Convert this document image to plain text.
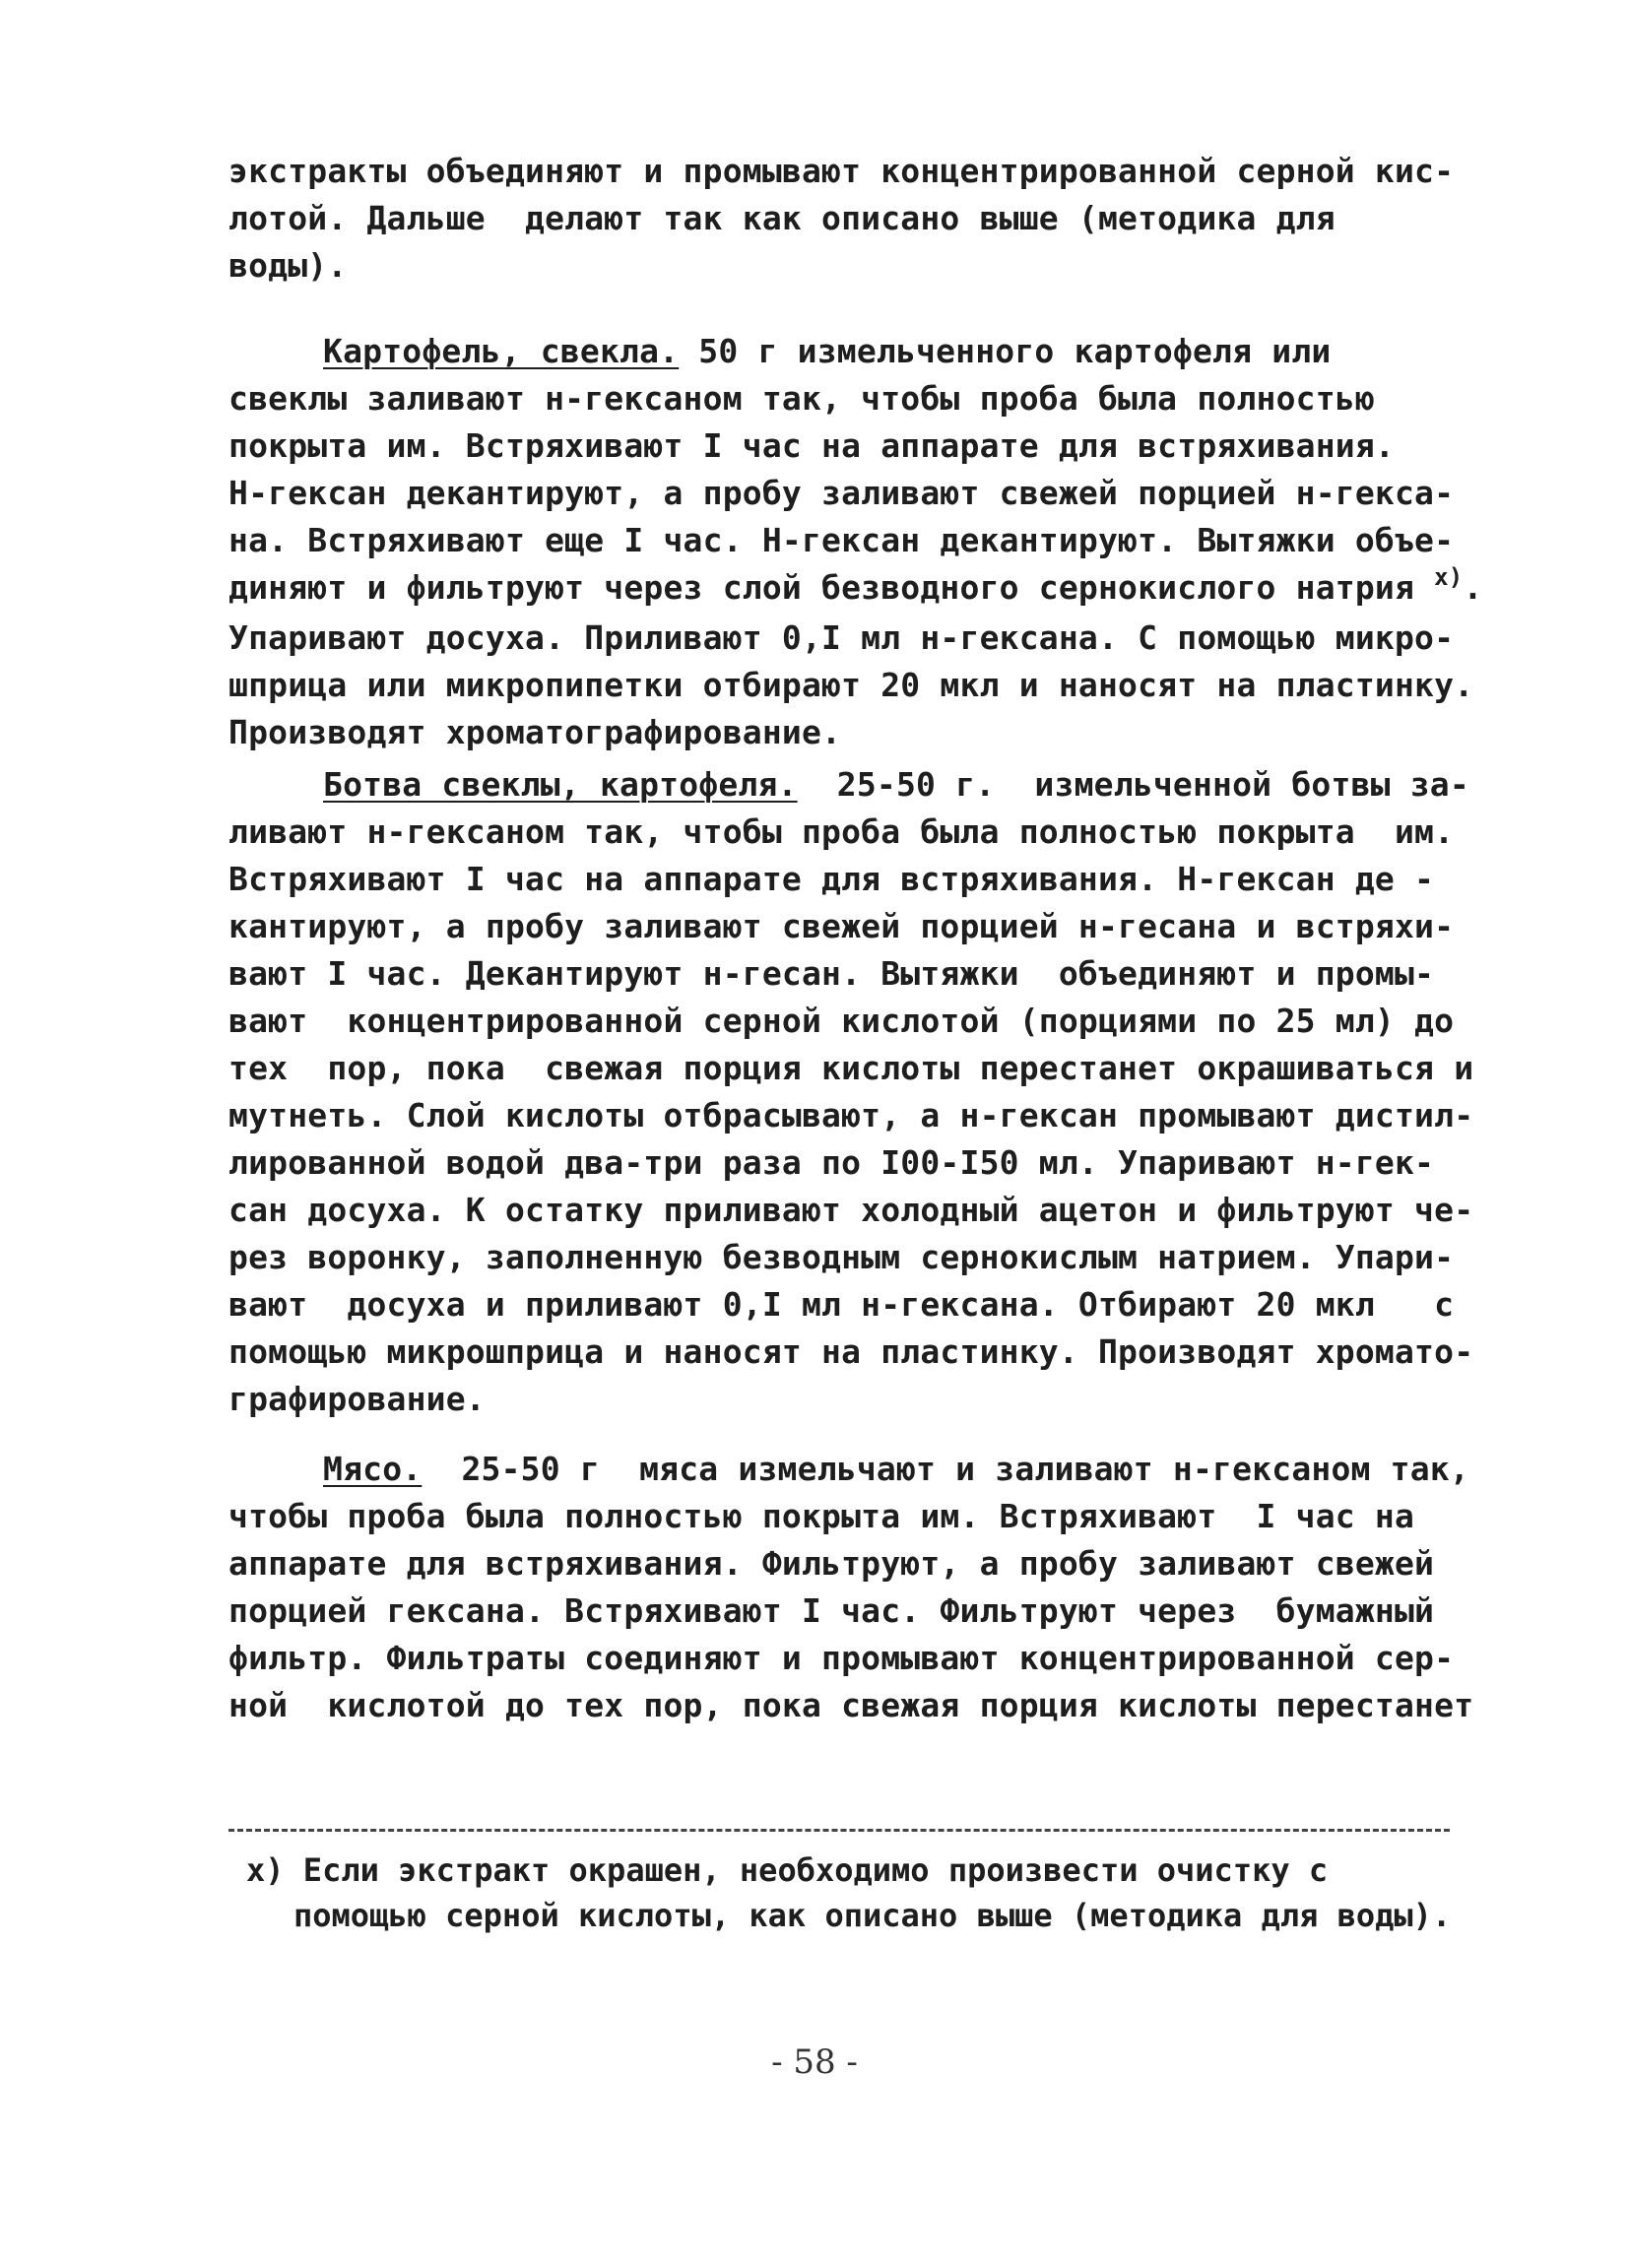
экстракты объединяют и промывают концентрированной серной кис-
лотой. Дальше  делают так как описано выше (методика для
воды).
Картофель, свекла. 50 г измельченного картофеля или
свеклы заливают н-гексаном так, чтобы проба была полностью
покрыта им. Встряхивают I час на аппарате для встряхивания.
Н-гексан декантируют, а пробу заливают свежей порцией н-гекса-
на. Встряхивают еще I час. Н-гексан декантируют. Вытяжки объе-
диняют и фильтруют через слой безводного сернокислого натрия $^{х)}$.
Упаривают досуха. Приливают 0,I мл н-гексана. С помощью микро-
шприца или микропипетки отбирают 20 мкл и наносят на пластинку.
Производят хроматографирование.
Ботва свеклы, картофеля.  25-50 г.  измельченной ботвы за-
ливают н-гексаном так, чтобы проба была полностью покрыта  им.
Встряхивают I час на аппарате для встряхивания. Н-гексан де -
кантируют, а пробу заливают свежей порцией н-гесана и встряхи-
вают I час. Декантируют н-гесан. Вытяжки  объединяют и промы-
вают  концентрированной серной кислотой (порциями по 25 мл) до
тех  пор, пока  свежая порция кислоты перестанет окрашиваться и
мутнеть. Слой кислоты отбрасывают, а н-гексан промывают дистил-
лированной водой два-три раза по I00-I50 мл. Упаривают н-гек-
сан досуха. К остатку приливают холодный ацетон и фильтруют че-
рез воронку, заполненную безводным сернокислым натрием. Упари-
вают  досуха и приливают 0,I мл н-гексана. Отбирают 20 мкл   с
помощью микрошприца и наносят на пластинку. Производят хромато-
графирование.
Мясо.  25-50 г  мяса измельчают и заливают н-гексаном так,
чтобы проба была полностью покрыта им. Встряхивают  I час на
аппарате для встряхивания. Фильтруют, а пробу заливают свежей
порцией гексана. Встряхивают I час. Фильтруют через  бумажный
фильтр. Фильтраты соединяют и промывают концентрированной сер-
ной  кислотой до тех пор, пока свежая порция кислоты перестанет
х) Если экстракт окрашен, необходимо произвести очистку с
помощью серной кислоты, как описано выше (методика для воды).
- 58 -
